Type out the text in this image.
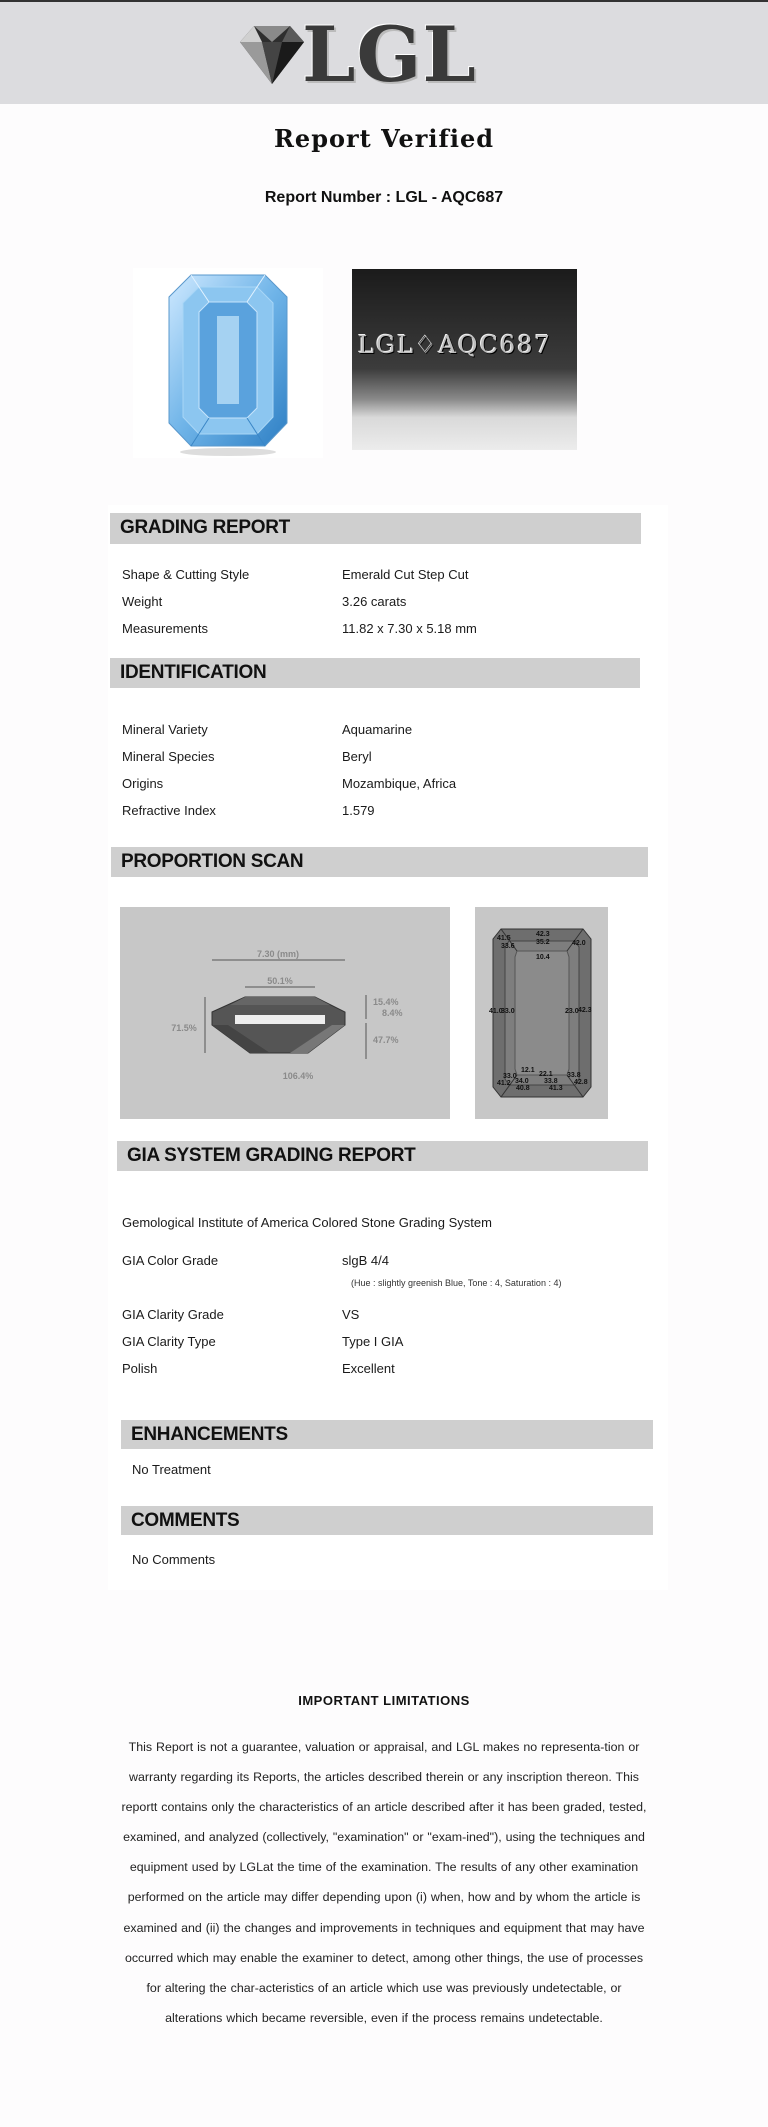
LGL
Report Verified
Report Number : LGL - AQC687
LGL♢AQC687
GRADING REPORT
Shape & Cutting Style	Emerald Cut Step Cut
Weight	3.26 carats
Measurements	11.82 x 7.30 x 5.18 mm
IDENTIFICATION
Mineral Variety	Aquamarine
Mineral Species	Beryl
Origins	Mozambique, Africa
Refractive Index	1.579
PROPORTION SCAN
7.30 (mm)
50.1%
71.5%
15.4%
8.4%
47.7%
106.4%
42.3
35.2
41.5
33.6	42.0
10.4
41.0
33.0	23.0 42.3
12.1
33.0	22.1 33.8
41.2 34.0 33.8 42.8
40.8	41.3
GIA SYSTEM GRADING REPORT
Gemological Institute of America Colored Stone Grading System
GIA Color Grade	slgB 4/4
(Hue : slightly greenish Blue, Tone : 4, Saturation : 4)
GIA Clarity Grade	VS
GIA Clarity Type	Type I GIA
Polish	Excellent
ENHANCEMENTS
No Treatment
COMMENTS
No Comments
IMPORTANT LIMITATIONS
This Report is not a guarantee, valuation or appraisal, and LGL makes no representa-tion or warranty regarding its Reports, the articles described therein or any inscription thereon. This reportt contains only the characteristics of an article described after it has been graded, tested, examined, and analyzed (collectively, "examination" or "exam-ined"), using the techniques and equipment used by LGLat the time of the examination. The results of any other examination performed on the article may differ depending upon (i) when, how and by whom the article is examined and (ii) the changes and improvements in techniques and equipment that may have occurred which may enable the examiner to detect, among other things, the use of processes for altering the char-acteristics of an article which use was previously undetectable, or alterations which became reversible, even if the process remains undetectable.
